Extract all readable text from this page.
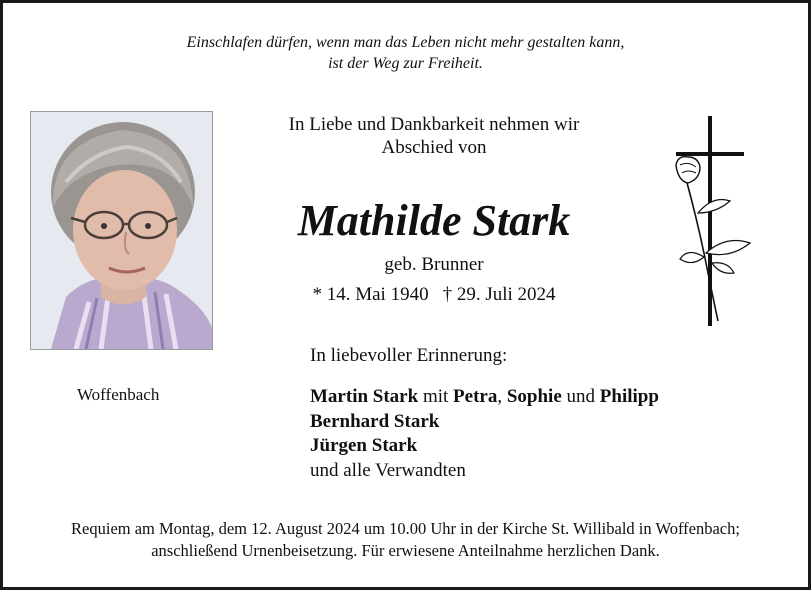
Einschlafen dürfen, wenn man das Leben nicht mehr gestalten kann,
ist der Weg zur Freiheit.
In Liebe und Dankbarkeit nehmen wir
Abschied von
Mathilde Stark
geb. Brunner
* 14. Mai 1940 † 29. Juli 2024
In liebevoller Erinnerung:
Woffenbach	Martin Stark mit Petra, Sophie und Philipp
Bernhard Stark
Jürgen Stark
und alle Verwandten
Requiem am Montag, dem 12. August 2024 um 10.00 Uhr in der Kirche St. Willibald in Woffenbach;
anschließend Urnenbeisetzung. Für erwiesene Anteilnahme herzlichen Dank.
